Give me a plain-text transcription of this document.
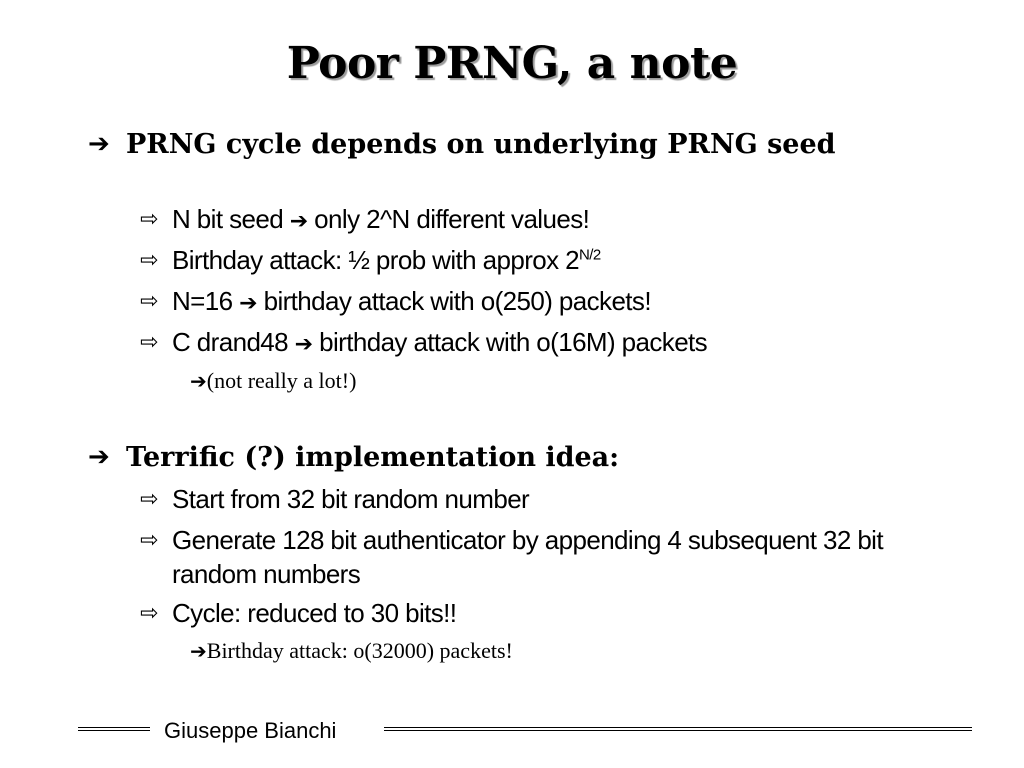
Poor PRNG, a note
➔ PRNG cycle depends on underlying PRNG seed
⇨ N bit seed ➔ only 2^N different values!
⇨ Birthday attack: ½ prob with approx $2^{N/2}$
⇨ N=16 ➔ birthday attack with o(250) packets!
⇨ C drand48 ➔ birthday attack with o(16M) packets
➔(not really a lot!)
➔ Terrific (?) implementation idea:
⇨ Start from 32 bit random number
⇨ Generate 128 bit authenticator by appending 4 subsequent 32 bit random numbers
⇨ Cycle: reduced to 30 bits!!
➔Birthday attack: o(32000) packets!
Giuseppe Bianchi
